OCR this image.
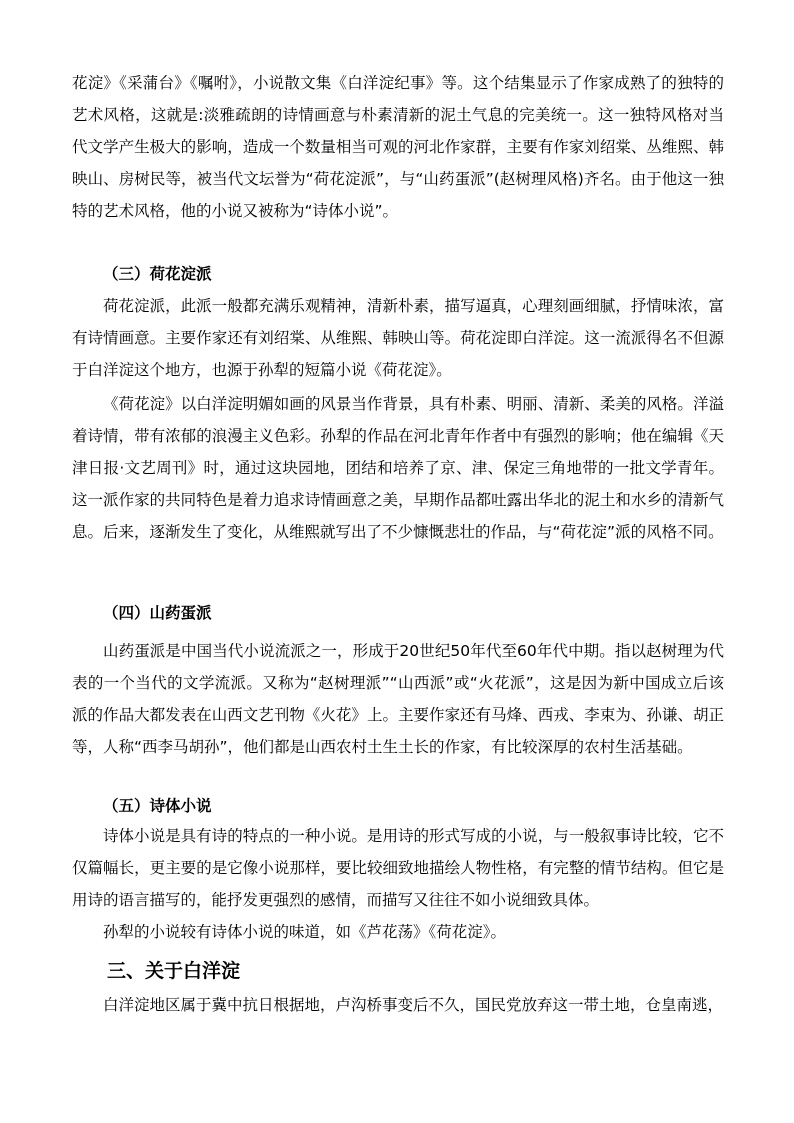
花淀》《采蒲台》《嘱咐》，小说散文集《白洋淀纪事》等。这个结集显示了作家成熟了的独特的艺术风格，这就是:淡雅疏朗的诗情画意与朴素清新的泥土气息的完美统一。这一独特风格对当代文学产生极大的影响，造成一个数量相当可观的河北作家群，主要有作家刘绍棠、丛维熙、韩映山、房树民等，被当代文坛誉为“荷花淀派”，与“山药蛋派”(赵树理风格)齐名。由于他这一独特的艺术风格，他的小说又被称为“诗体小说”。

（三）荷花淀派

荷花淀派，此派一般都充满乐观精神，清新朴素，描写逼真，心理刻画细腻，抒情味浓，富有诗情画意。主要作家还有刘绍棠、从维熙、韩映山等。荷花淀即白洋淀。这一流派得名不但源于白洋淀这个地方，也源于孙犁的短篇小说《荷花淀》。

《荷花淀》以白洋淀明媚如画的风景当作背景，具有朴素、明丽、清新、柔美的风格。洋溢着诗情，带有浓郁的浪漫主义色彩。孙犁的作品在河北青年作者中有强烈的影响；他在编辑《天津日报·文艺周刊》时，通过这块园地，团结和培养了京、津、保定三角地带的一批文学青年。这一派作家的共同特色是着力追求诗情画意之美，早期作品都吐露出华北的泥土和水乡的清新气息。后来，逐渐发生了变化，从维熙就写出了不少慷慨悲壮的作品，与“荷花淀”派的风格不同。

（四）山药蛋派

山药蛋派是中国当代小说流派之一，形成于20世纪50年代至60年代中期。指以赵树理为代表的一个当代的文学流派。又称为“赵树理派”“山西派”或“火花派”，这是因为新中国成立后该派的作品大都发表在山西文艺刊物《火花》上。主要作家还有马烽、西戎、李束为、孙谦、胡正等，人称“西李马胡孙”，他们都是山西农村土生土长的作家，有比较深厚的农村生活基础。

（五）诗体小说

诗体小说是具有诗的特点的一种小说。是用诗的形式写成的小说，与一般叙事诗比较，它不仅篇幅长，更主要的是它像小说那样，要比较细致地描绘人物性格，有完整的情节结构。但它是用诗的语言描写的，能抒发更强烈的感情，而描写又往往不如小说细致具体。

孙犁的小说较有诗体小说的味道，如《芦花荡》《荷花淀》。

三、关于白洋淀

白洋淀地区属于冀中抗日根据地，卢沟桥事变后不久，国民党放弃这一带土地，仓皇南逃，
